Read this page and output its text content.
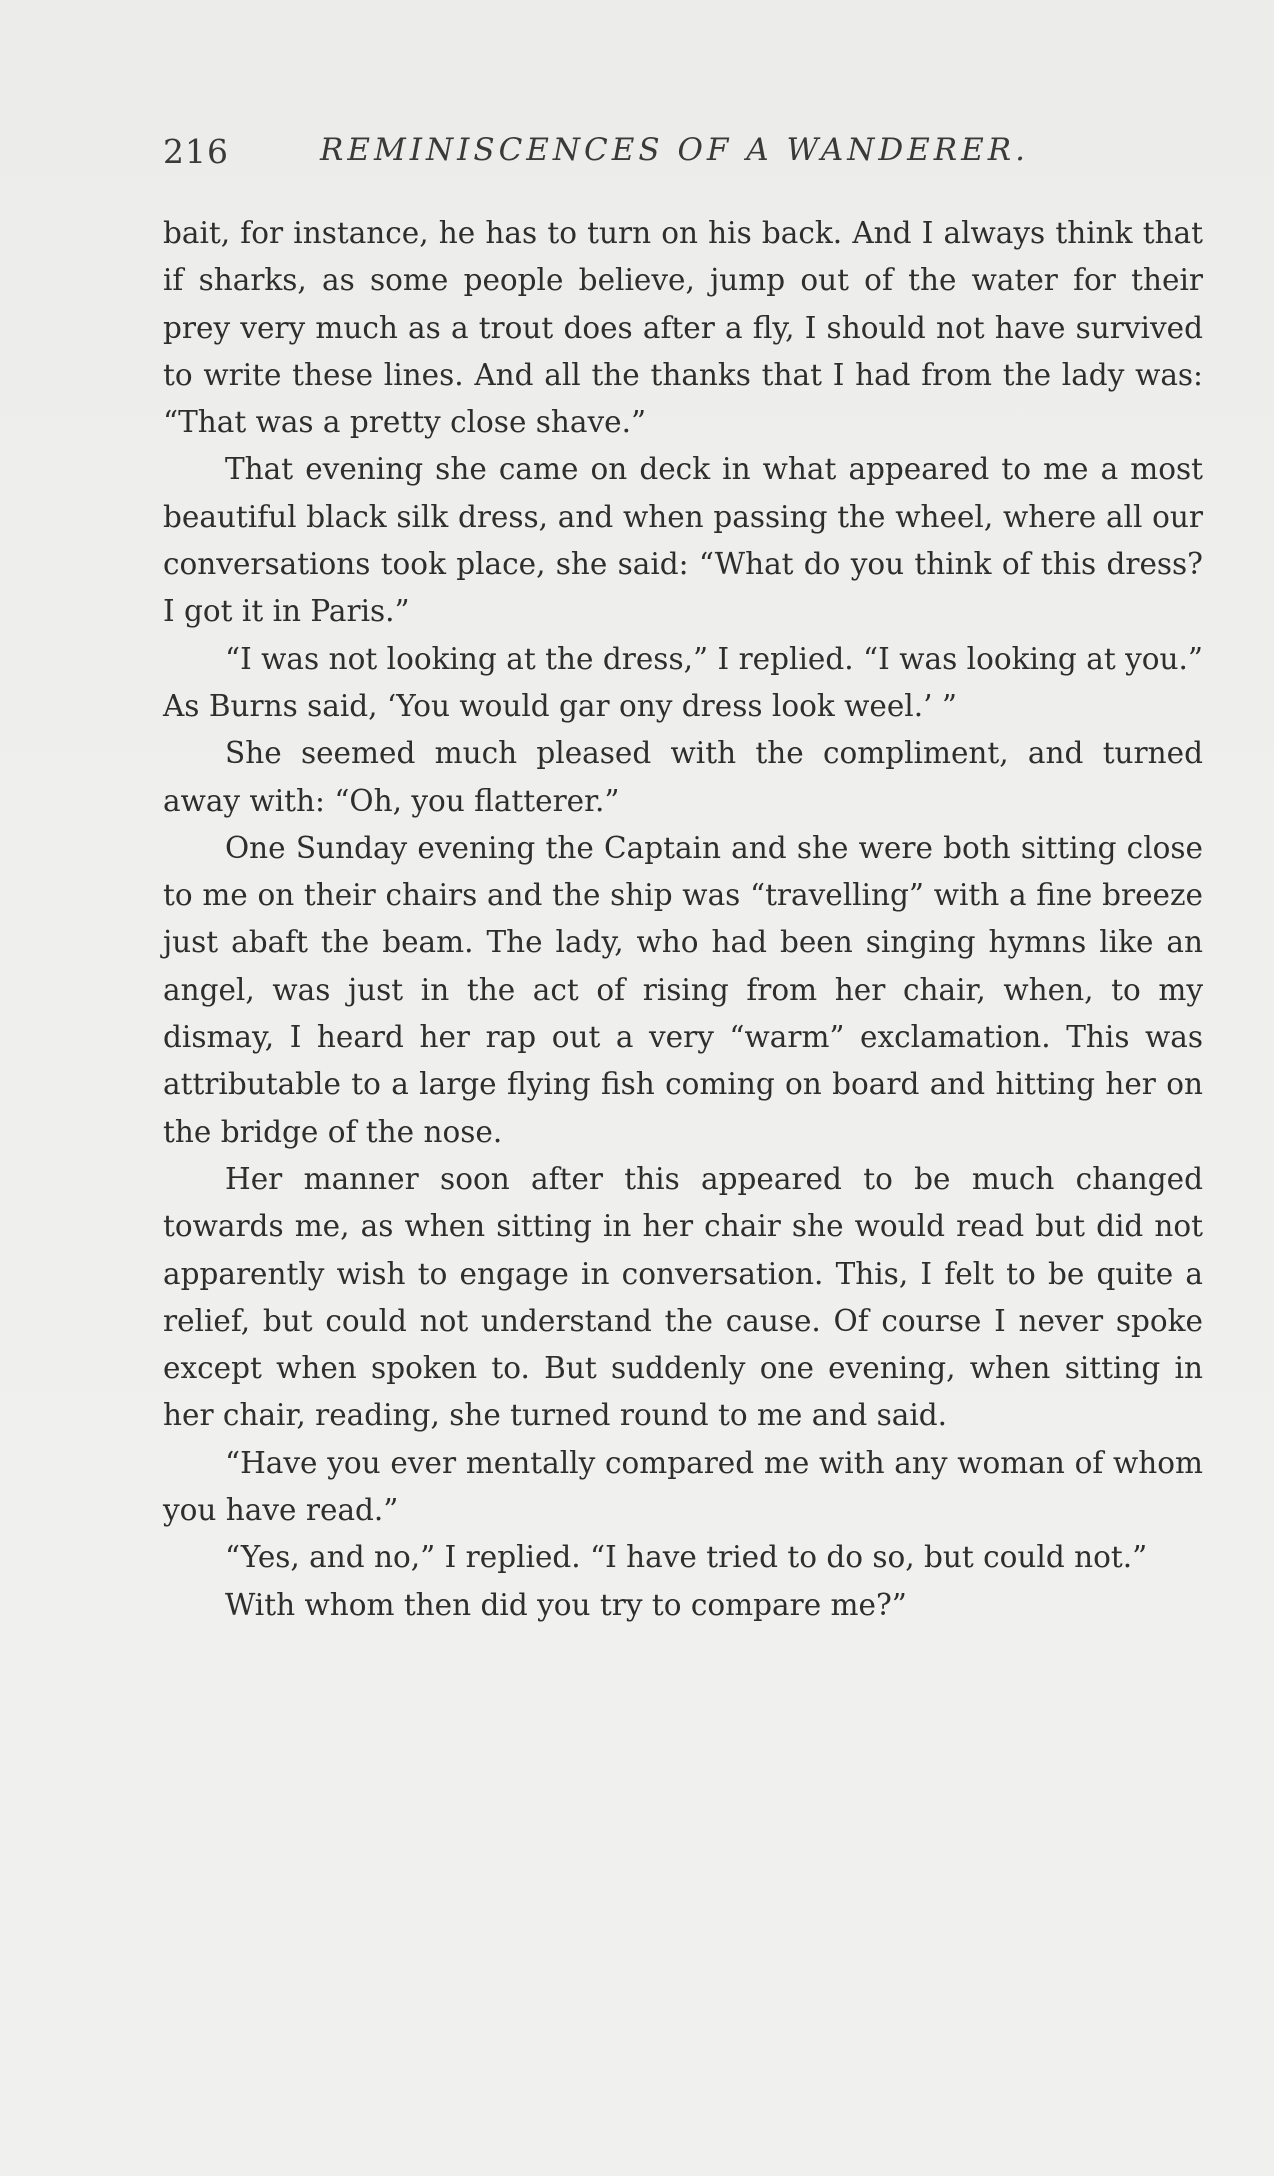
216	REMINISCENCES OF A WANDERER.

bait, for instance, he has to turn on his back. And I always think that if sharks, as some people believe, jump out of the water for their prey very much as a trout does after a fly, I should not have survived to write these lines. And all the thanks that I had from the lady was: “That was a pretty close shave.”

That evening she came on deck in what appeared to me a most beautiful black silk dress, and when passing the wheel, where all our conversations took place, she said: “What do you think of this dress? I got it in Paris.”

“I was not looking at the dress,” I replied. “I was looking at you.” As Burns said, ‘You would gar ony dress look weel.’ ”

She seemed much pleased with the compliment, and turned away with: “Oh, you flatterer.”

One Sunday evening the Captain and she were both sitting close to me on their chairs and the ship was “travelling” with a fine breeze just abaft the beam. The lady, who had been singing hymns like an angel, was just in the act of rising from her chair, when, to my dismay, I heard her rap out a very “warm” exclamation. This was attributable to a large flying fish coming on board and hitting her on the bridge of the nose.

Her manner soon after this appeared to be much changed towards me, as when sitting in her chair she would read but did not apparently wish to engage in conversation. This, I felt to be quite a relief, but could not understand the cause. Of course I never spoke except when spoken to. But suddenly one evening, when sitting in her chair, reading, she turned round to me and said.

“Have you ever mentally compared me with any woman of whom you have read.”

“Yes, and no,” I replied. “I have tried to do so, but could not.”

With whom then did you try to compare me?”
